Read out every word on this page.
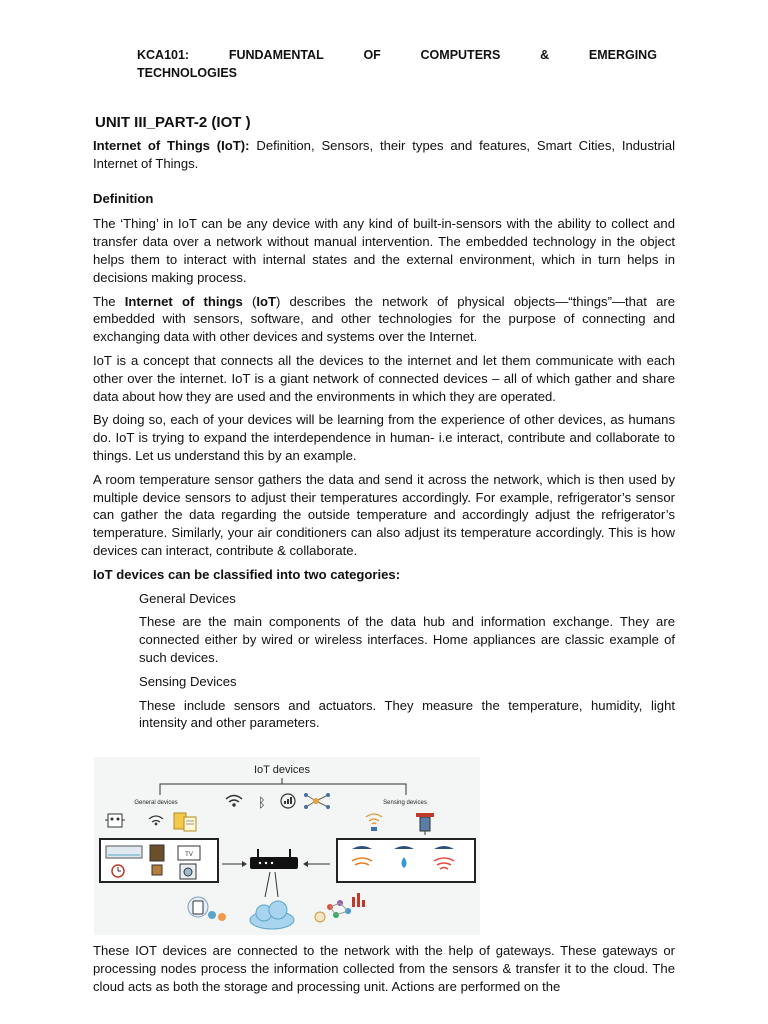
KCA101:	FUNDAMENTAL	OF	COMPUTERS	&	EMERGING
TECHNOLOGIES
UNIT III_PART-2 (IOT )

Internet of Things (IoT): Definition, Sensors, their types and features, Smart Cities, Industrial Internet of Things.

Definition

The ‘Thing’ in IoT can be any device with any kind of built-in-sensors with the ability to collect and transfer data over a network without manual intervention. The embedded technology in the object helps them to interact with internal states and the external environment, which in turn helps in decisions making process.

The Internet of things (IoT) describes the network of physical objects—“things”—that are embedded with sensors, software, and other technologies for the purpose of connecting and exchanging data with other devices and systems over the Internet.

IoT is a concept that connects all the devices to the internet and let them communicate with each other over the internet. IoT is a giant network of connected devices – all of which gather and share data about how they are used and the environments in which they are operated.

By doing so, each of your devices will be learning from the experience of other devices, as humans do. IoT is trying to expand the interdependence in human- i.e interact, contribute and collaborate to things. Let us understand this by an example.

A room temperature sensor gathers the data and send it across the network, which is then used by multiple device sensors to adjust their temperatures accordingly. For example, refrigerator’s sensor can gather the data regarding the outside temperature and accordingly adjust the refrigerator’s temperature. Similarly, your air conditioners can also adjust its temperature accordingly. This is how devices can interact, contribute & collaborate.

IoT devices can be classified into two categories:

General Devices

These are the main components of the data hub and information exchange. They are connected either by wired or wireless interfaces. Home appliances are classic example of such devices.

Sensing Devices

These include sensors and actuators. They measure the temperature, humidity, light intensity and other parameters.

IoT devices
General devices	Sensing devices
ᛒ
TV
These IOT devices are connected to the network with the help of gateways. These gateways or processing nodes process the information collected from the sensors & transfer it to the cloud. The cloud acts as both the storage and processing unit. Actions are performed on the
